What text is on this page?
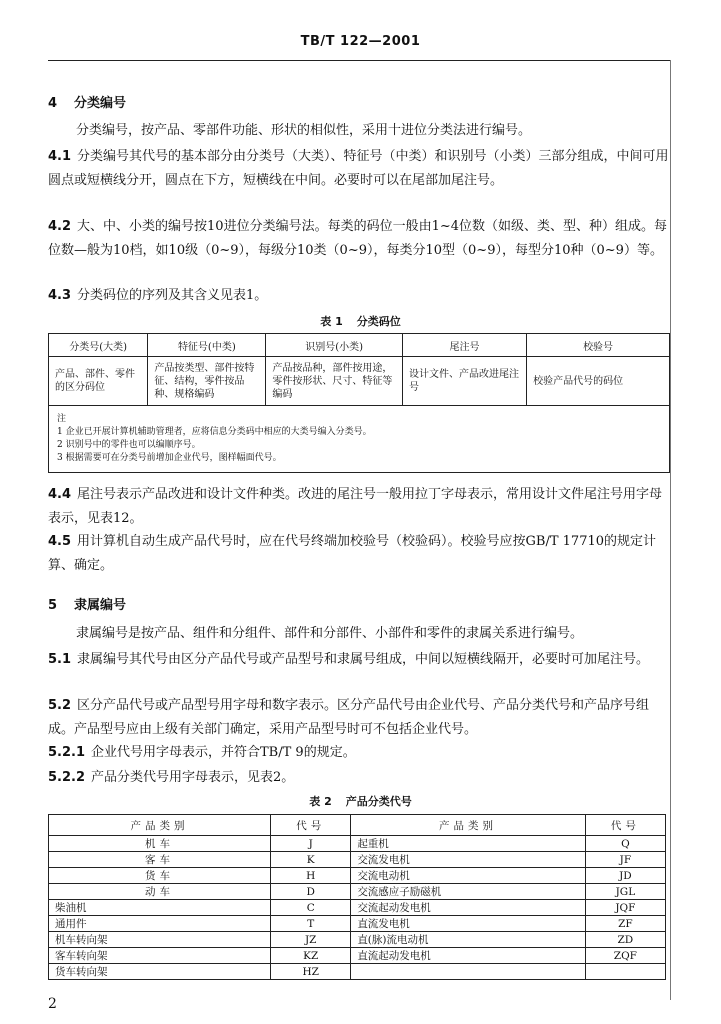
TB/T 122—2001
4 分类编号

分类编号，按产品、零部件功能、形状的相似性，采用十进位分类法进行编号。

4.1 分类编号其代号的基本部分由分类号（大类）、特征号（中类）和识别号（小类）三部分组成，中间可用圆点或短横线分开，圆点在下方，短横线在中间。必要时可以在尾部加尾注号。

4.2 大、中、小类的编号按10进位分类编号法。每类的码位一般由1~4位数（如级、类、型、种）组成。每位数—般为10档，如10级（0~9），每级分10类（0~9），每类分10型（0~9），每型分10种（0~9）等。

4.3 分类码位的序列及其含义见表1。

表 1 分类码位
分类号(大类)	特征号(中类)	识别号(小类)	尾注号	校验号
产品、部件、零件的区分码位	产品按类型、部件按特征、结构，零件按品种、规格编码	产品按品种，部件按用途，零件按形状、尺寸、特征等编码	设计文件、产品改进尾注号	校验产品代号的码位

注
1 企业已开展计算机辅助管理者，应将信息分类码中相应的大类号编入分类号。
2 识别号中的零件也可以编顺序号。
3 根据需要可在分类号前增加企业代号，图样幅面代号。				

4.4 尾注号表示产品改进和设计文件种类。改进的尾注号一般用拉丁字母表示，常用设计文件尾注号用字母表示，见表12。

4.5 用计算机自动生成产品代号时，应在代号终端加校验号（校验码）。校验号应按GB/T 17710的规定计算、确定。

5 隶属编号

隶属编号是按产品、组件和分组件、部件和分部件、小部件和零件的隶属关系进行编号。

5.1 隶属编号其代号由区分产品代号或产品型号和隶属号组成，中间以短横线隔开，必要时可加尾注号。

5.2 区分产品代号或产品型号用字母和数字表示。区分产品代号由企业代号、产品分类代号和产品序号组成。产品型号应由上级有关部门确定，采用产品型号时可不包括企业代号。

5.2.1 企业代号用字母表示，并符合TB/T 9的规定。

5.2.2 产品分类代号用字母表示，见表2。

表 2 产品分类代号
产品类别	代号	产品类别	代号
机车	J	起重机	Q
客车	K	交流发电机	JF
货车	H	交流电动机	JD
动车	D	交流感应子励磁机	JGL
柴油机	C	交流起动发电机	JQF
通用件	T	直流发电机	ZF
机车转向架	JZ	直(脉)流电动机	ZD
客车转向架	KZ	直流起动发电机	ZQF
货车转向架	HZ		
2
